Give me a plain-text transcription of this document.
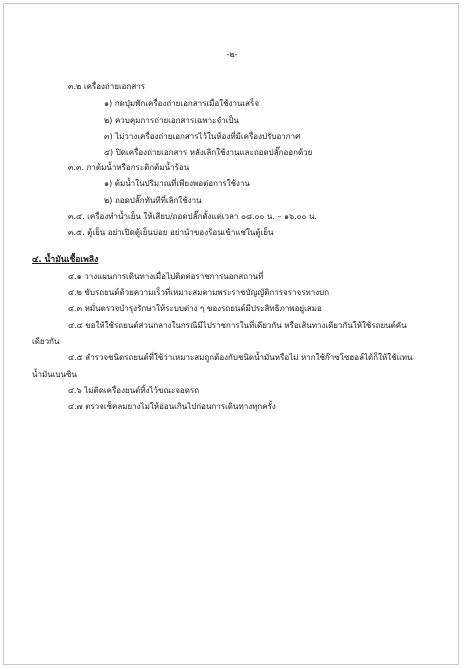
-๒-
๓.๒ เครื่องถ่ายเอกสาร
๑) กดปุ่มพักเครื่องถ่ายเอกสารเมื่อใช้งานเสร็จ
๒) ควบคุมการถ่ายเอกสารเฉพาะจำเป็น
๓) ไม่วางเครื่องถ่ายเอกสารไว้ในห้องที่มีเครื่องปรับอากาศ
๔) ปิดเครื่องถ่ายเอกสาร หลังเลิกใช้งานและถอดปลั๊กออกด้วย
๓.๓. กาต้มน้ำหรือกระติกต้มน้ำร้อน
๑) ต้มน้ำในปริมาณที่เพียงพอต่อการใช้งาน
๒) ถอดปลั๊กทันทีที่เลิกใช้งาน
๓.๔. เครื่องทำน้ำเย็น ให้เสียบ/ถอดปลั๊กตั้งแต่เวลา ๐๘.๐๐ น. – ๑๖.๐๐ น.
๓.๕. ตู้เย็น อย่าเปิดตู้เย็นบ่อย อย่านำของร้อนเข้าแช่ในตู้เย็น
๔. น้ำมันเชื้อเพลิง
๔.๑ วางแผนการเดินทางเมื่อไปติดต่อราชการนอกสถานที่
๔.๒ ขับรถยนต์ด้วยความเร็วที่เหมาะสมตามพระราชบัญญัติการจราจรทางบก
๔.๓ หมั่นตรวจบำรุงรักษาให้ระบบต่าง ๆ ของรถยนต์มีประสิทธิภาพอยู่เสมอ
๔.๔ ขอให้ใช้รถยนต์ส่วนกลางในกรณีมีไปราชการในที่เดียวกัน หรือเส้นทางเดียวกันให้ใช้รถยนต์คัน
เดียวกัน
๔.๕ สำรวจชนิดรถยนต์ที่ใช้ว่าเหมาะสมถูกต้องกับชนิดน้ำมันหรือไม่ หากใช้ก๊าซโซฮอล์ได้ก็ให้ใช้แทน
น้ำมันเบนซิน
๔.๖ ไม่ติดเครื่องยนต์ทิ้งไว้ขณะจอดรถ
๔.๗ ตรวจเช็คลมยางไม่ให้อ่อนเกินไปก่อนการเดินทางทุกครั้ง
